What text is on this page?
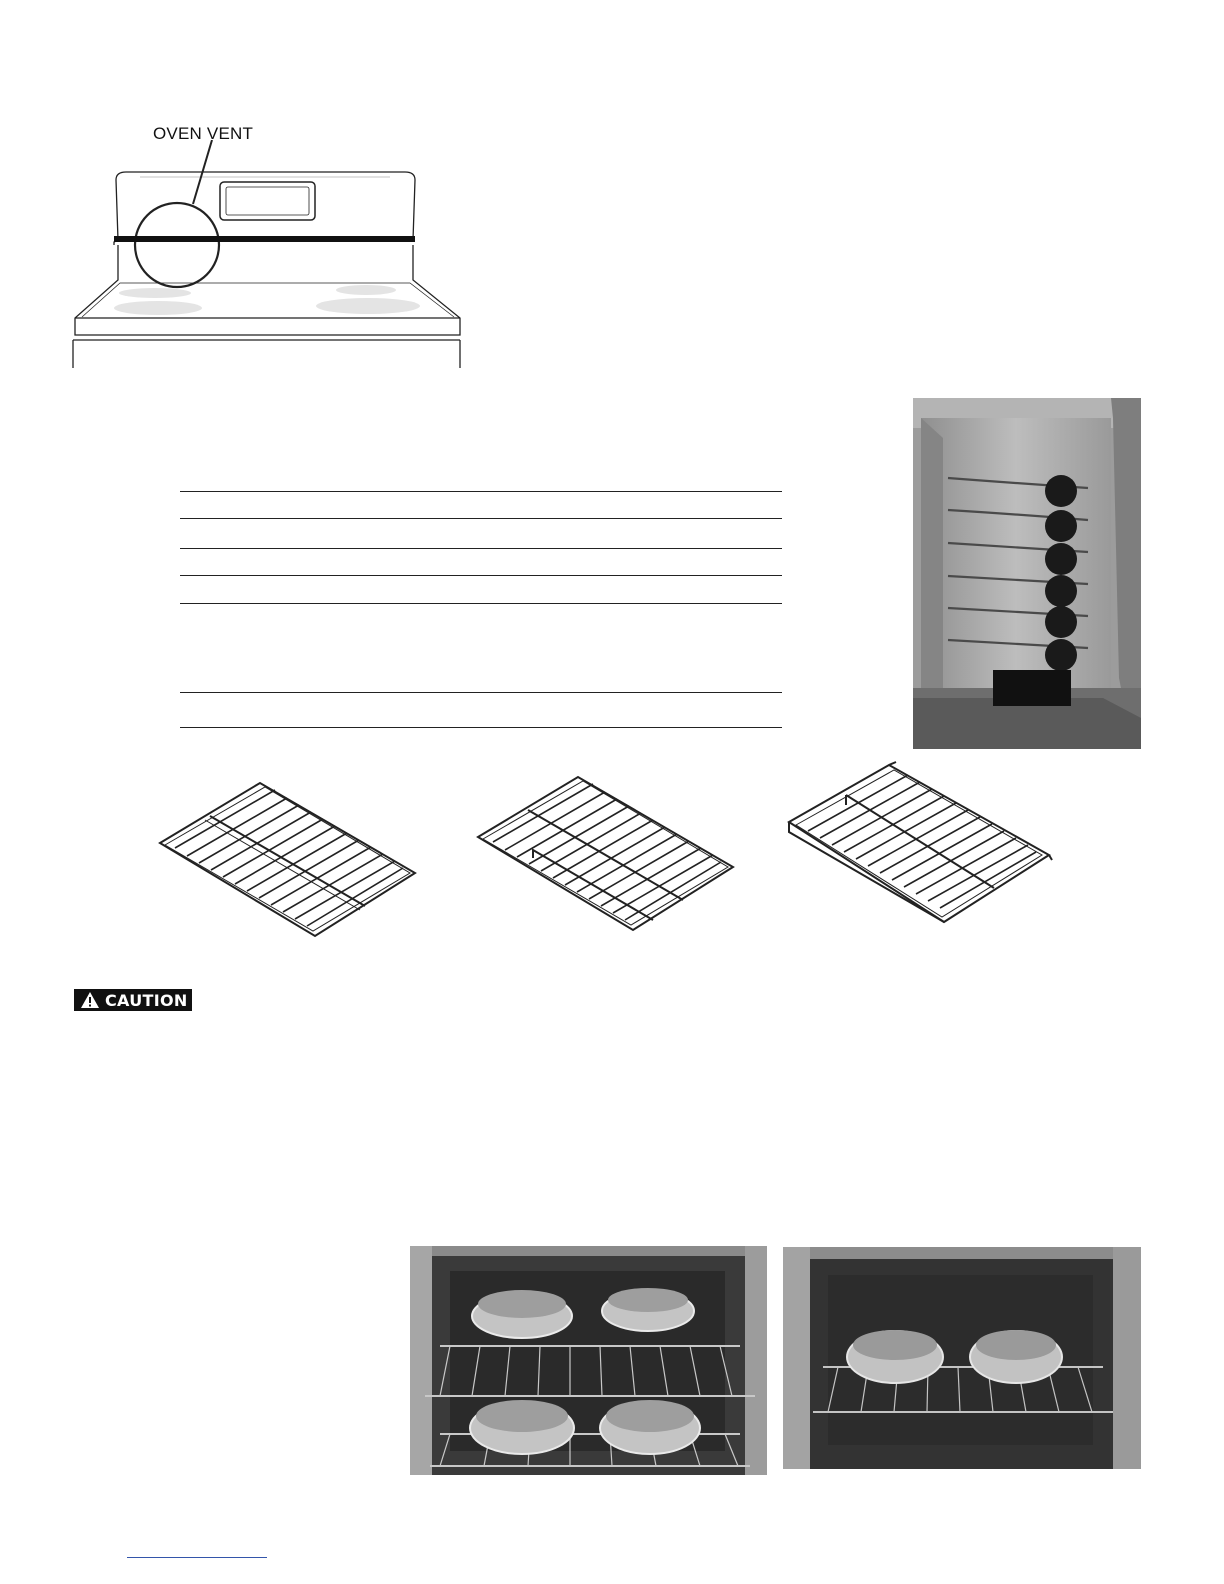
OVEN VENT
CAUTION
